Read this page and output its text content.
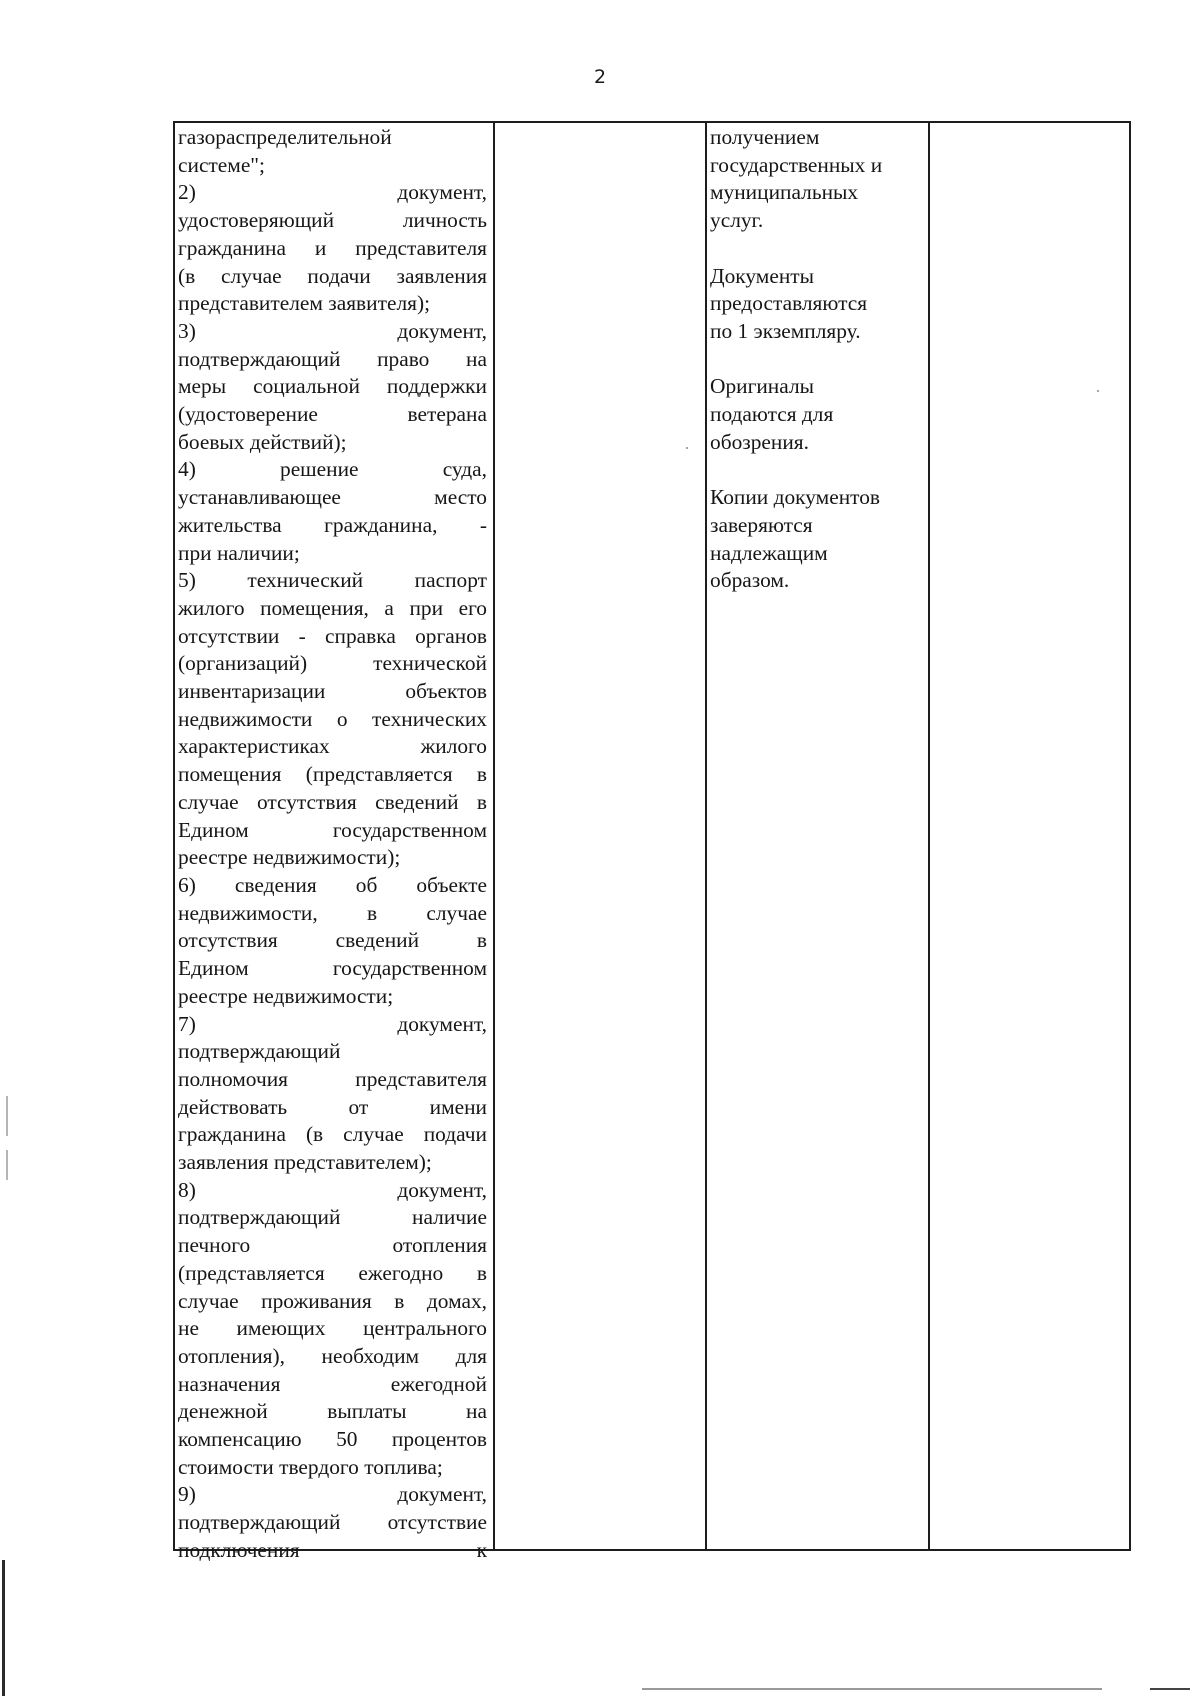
2
газораспределительной
системе";
2) документ,
удостоверяющий личность
гражданина и представителя
(в случае подачи заявления
представителем заявителя);
3) документ,
подтверждающий право на
меры социальной поддержки
(удостоверение ветерана
боевых действий);
4) решение суда,
устанавливающее место
жительства гражданина, -
при наличии;
5) технический паспорт
жилого помещения, а при его
отсутствии - справка органов
(организаций) технической
инвентаризации объектов
недвижимости о технических
характеристиках жилого
помещения (представляется в
случае отсутствия сведений в
Едином государственном
реестре недвижимости);
6) сведения об объекте
недвижимости, в случае
отсутствия сведений в
Едином государственном
реестре недвижимости;
7) документ,
подтверждающий
полномочия представителя
действовать от имени
гражданина (в случае подачи
заявления представителем);
8) документ,
подтверждающий наличие
печного отопления
(представляется ежегодно в
случае проживания в домах,
не имеющих центрального
отопления), необходим для
назначения ежегодной
денежной выплаты на
компенсацию 50 процентов
стоимости твердого топлива;
9) документ,
подтверждающий отсутствие
подключения к
получением
государственных и
муниципальных
услуг.
Документы
предоставляются
по 1 экземпляру.
Оригиналы
подаются для
обозрения.
Копии документов
заверяются
надлежащим
образом.
